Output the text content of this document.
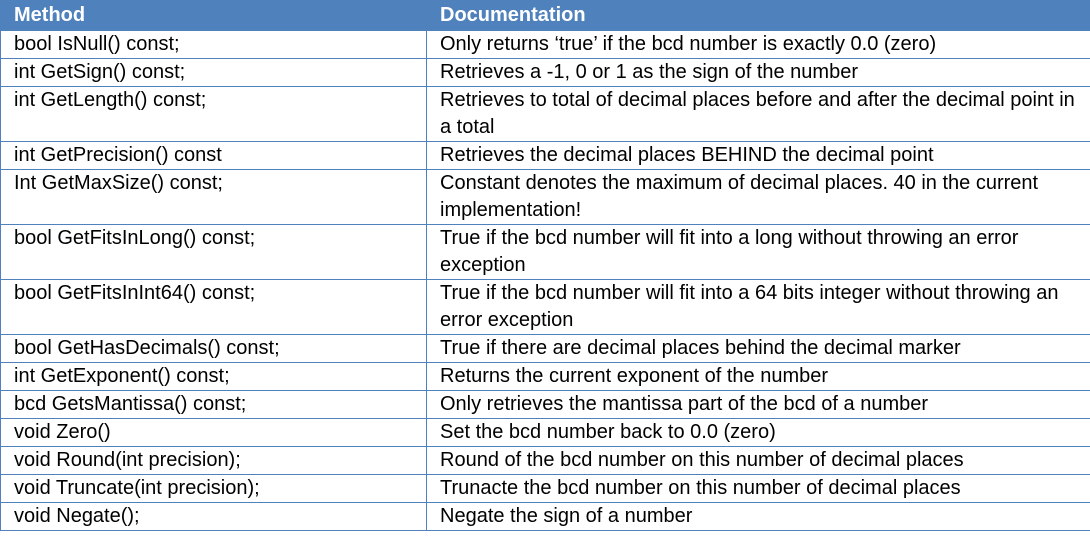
Method	Documentation
bool IsNull() const;	Only returns ‘true’ if the bcd number is exactly 0.0 (zero)
int GetSign() const;	Retrieves a -1, 0 or 1 as the sign of the number
int GetLength() const;	Retrieves to total of decimal places before and after the decimal point in a total
int GetPrecision() const	Retrieves the decimal places BEHIND the decimal point
Int GetMaxSize() const;	Constant denotes the maximum of decimal places. 40 in the current implementation!
bool GetFitsInLong() const;	True if the bcd number will fit into a long without throwing an error exception
bool GetFitsInInt64() const;	True if the bcd number will fit into a 64 bits integer without throwing an error exception
bool GetHasDecimals() const;	True if there are decimal places behind the decimal marker
int GetExponent() const;	Returns the current exponent of the number
bcd GetsMantissa() const;	Only retrieves the mantissa part of the bcd of a number
void Zero()	Set the bcd number back to 0.0 (zero)
void Round(int precision);	Round of the bcd number on this number of decimal places
void Truncate(int precision);	Trunacte the bcd number on this number of decimal places
void Negate();	Negate the sign of a number
